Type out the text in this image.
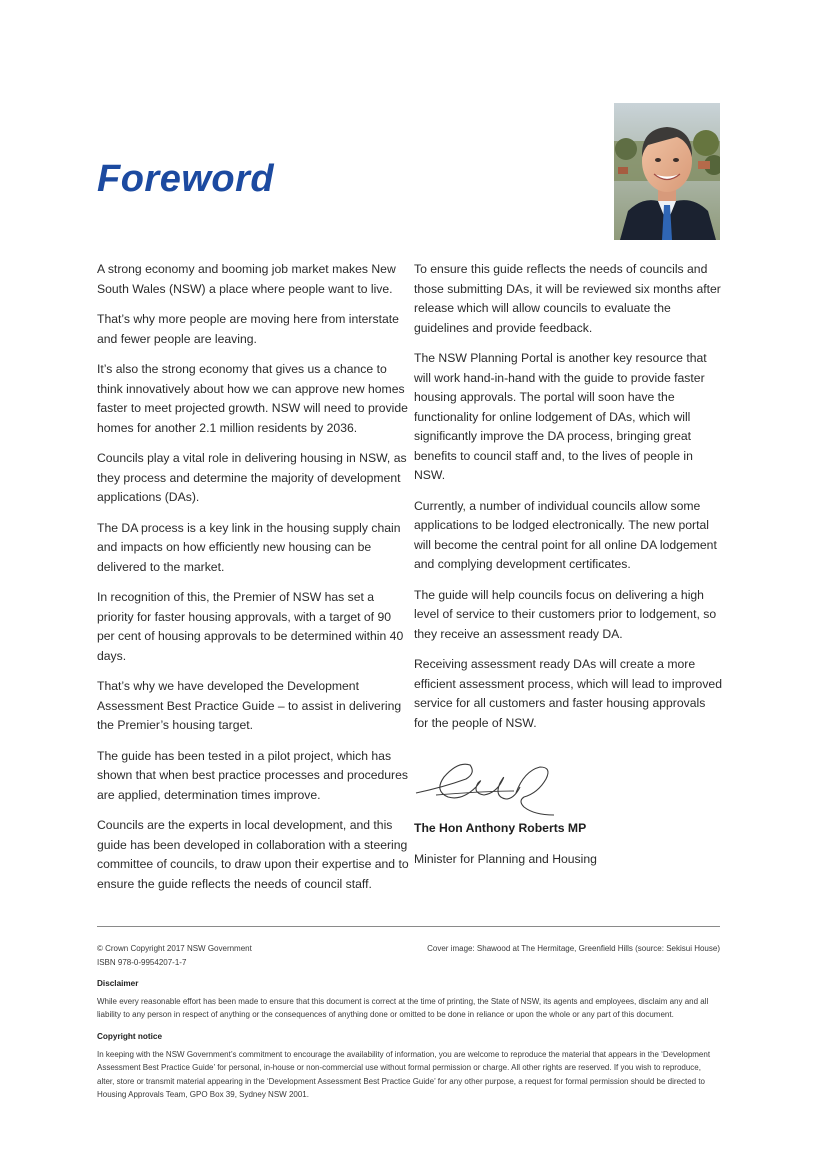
Foreword

A strong economy and booming job market makes New South Wales (NSW) a place where people want to live.

That’s why more people are moving here from interstate and fewer people are leaving.

It’s also the strong economy that gives us a chance to think innovatively about how we can approve new homes faster to meet projected growth. NSW will need to provide homes for another 2.1 million residents by 2036.

Councils play a vital role in delivering housing in NSW, as they process and determine the majority of development applications (DAs).

The DA process is a key link in the housing supply chain and impacts on how efficiently new housing can be delivered to the market.

In recognition of this, the Premier of NSW has set a priority for faster housing approvals, with a target of 90 per cent of housing approvals to be determined within 40 days.

That’s why we have developed the Development Assessment Best Practice Guide – to assist in delivering the Premier’s housing target.

The guide has been tested in a pilot project, which has shown that when best practice processes and procedures are applied, determination times improve.

Councils are the experts in local development, and this guide has been developed in collaboration with a steering committee of councils, to draw upon their expertise and to ensure the guide reflects the needs of council staff.

To ensure this guide reflects the needs of councils and those submitting DAs, it will be reviewed six months after release which will allow councils to evaluate the guidelines and provide feedback.

The NSW Planning Portal is another key resource that will work hand-in-hand with the guide to provide faster housing approvals. The portal will soon have the functionality for online lodgement of DAs, which will significantly improve the DA process, bringing great benefits to council staff and, to the lives of people in NSW.

Currently, a number of individual councils allow some applications to be lodged electronically. The new portal will become the central point for all online DA lodgement and complying development certificates.

The guide will help councils focus on delivering a high level of service to their customers prior to lodgement, so they receive an assessment ready DA.

Receiving assessment ready DAs will create a more efficient assessment process, which will lead to improved service for all customers and faster housing approvals for the people of NSW.

The Hon Anthony Roberts MP

Minister for Planning and Housing

© Crown Copyright 2017 NSW Government
ISBN 978-0-9954207-1-7
Cover image: Shawood at The Hermitage, Greenfield Hills (source: Sekisui House)
Disclaimer

While every reasonable effort has been made to ensure that this document is correct at the time of printing, the State of NSW, its agents and employees, disclaim any and all liability to any person in respect of anything or the consequences of anything done or omitted to be done in reliance or upon the whole or any part of this document.

Copyright notice

In keeping with the NSW Government’s commitment to encourage the availability of information, you are welcome to reproduce the material that appears in the ‘Development Assessment Best Practice Guide’ for personal, in-house or non-commercial use without formal permission or charge. All other rights are reserved. If you wish to reproduce, alter, store or transmit material appearing in the ‘Development Assessment Best Practice Guide’ for any other purpose, a request for formal permission should be directed to Housing Approvals Team, GPO Box 39, Sydney NSW 2001.
